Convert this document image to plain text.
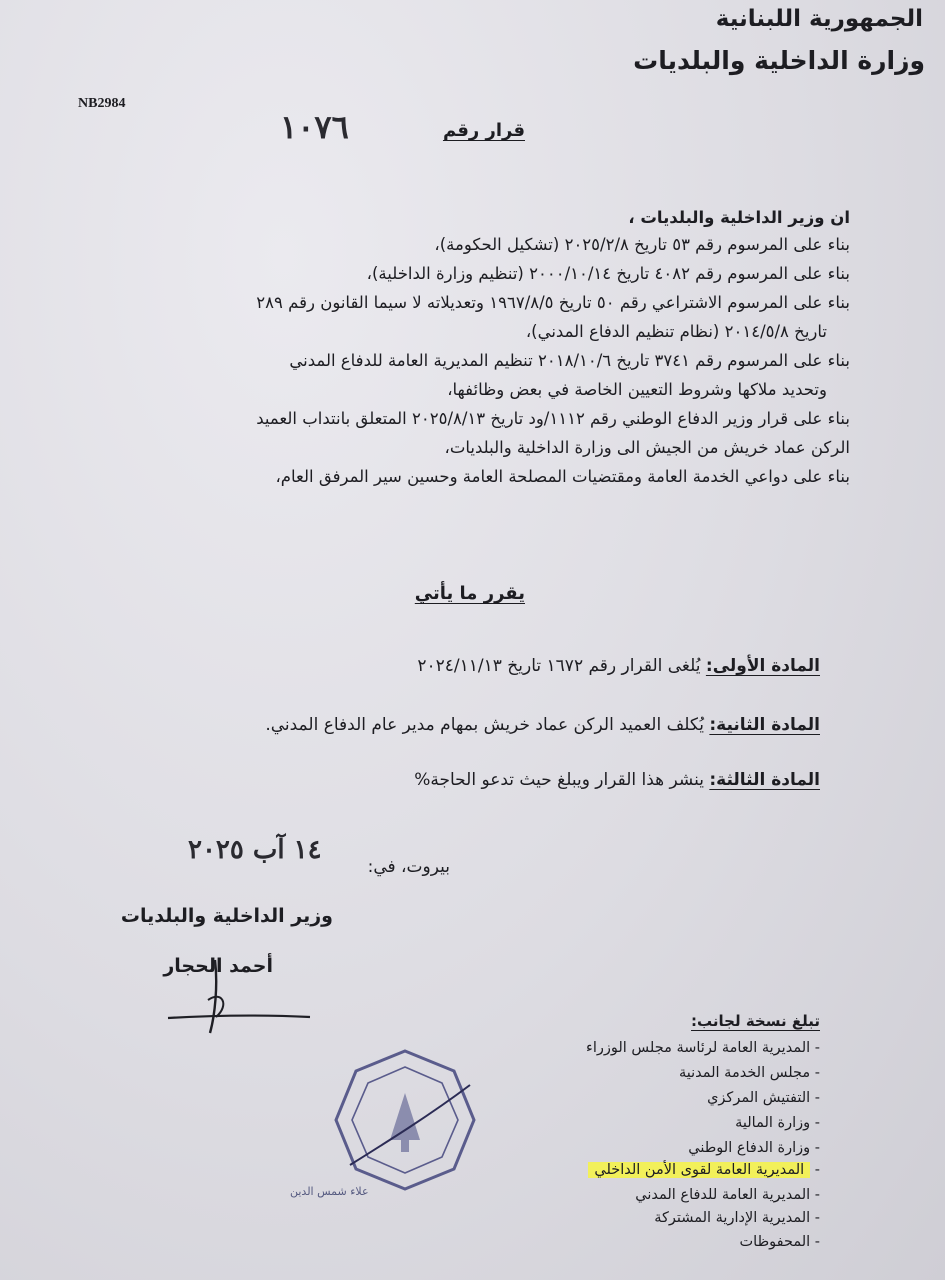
الجمهورية اللبنانية
وزارة الداخلية والبلديات
NB2984
قرار رقم
١٠٧٦
ان وزير الداخلية والبلديات ،
بناء على المرسوم رقم ٥٣ تاريخ ٢٠٢٥/٢/٨ (تشكيل الحكومة)،
بناء على المرسوم رقم ٤٠٨٢ تاريخ ٢٠٠٠/١٠/١٤ (تنظيم وزارة الداخلية)،
بناء على المرسوم الاشتراعي رقم ٥٠ تاريخ ١٩٦٧/٨/٥ وتعديلاته لا سيما القانون رقم ٢٨٩
تاريخ ٢٠١٤/٥/٨ (نظام تنظيم الدفاع المدني)،
بناء على المرسوم رقم ٣٧٤١ تاريخ ٢٠١٨/١٠/٦ تنظيم المديرية العامة للدفاع المدني
وتحديد ملاكها وشروط التعيين الخاصة في بعض وظائفها،
بناء على قرار وزير الدفاع الوطني رقم ١١١٢/ود تاريخ ٢٠٢٥/٨/١٣ المتعلق بانتداب العميد
الركن عماد خريش من الجيش الى وزارة الداخلية والبلديات،
بناء على دواعي الخدمة العامة ومقتضيات المصلحة العامة وحسين سير المرفق العام،
يقرر ما يأتي
المادة الأولى: يُلغى القرار رقم ١٦٧٢ تاريخ ٢٠٢٤/١١/١٣
المادة الثانية: يُكلف العميد الركن عماد خريش بمهام مدير عام الدفاع المدني.
المادة الثالثة: ينشر هذا القرار ويبلغ حيث تدعو الحاجة%
١٤ آب ٢٠٢٥
بيروت، في:
وزير الداخلية والبلديات
أحمد الحجار
علاء شمس الدين
تبلغ نسخة لجانب:
- المديرية العامة لرئاسة مجلس الوزراء
- مجلس الخدمة المدنية
- التفتيش المركزي
- وزارة المالية
- وزارة الدفاع الوطني
- المديرية العامة لقوى الأمن الداخلي
- المديرية العامة للدفاع المدني
- المديرية الإدارية المشتركة
- المحفوظات
